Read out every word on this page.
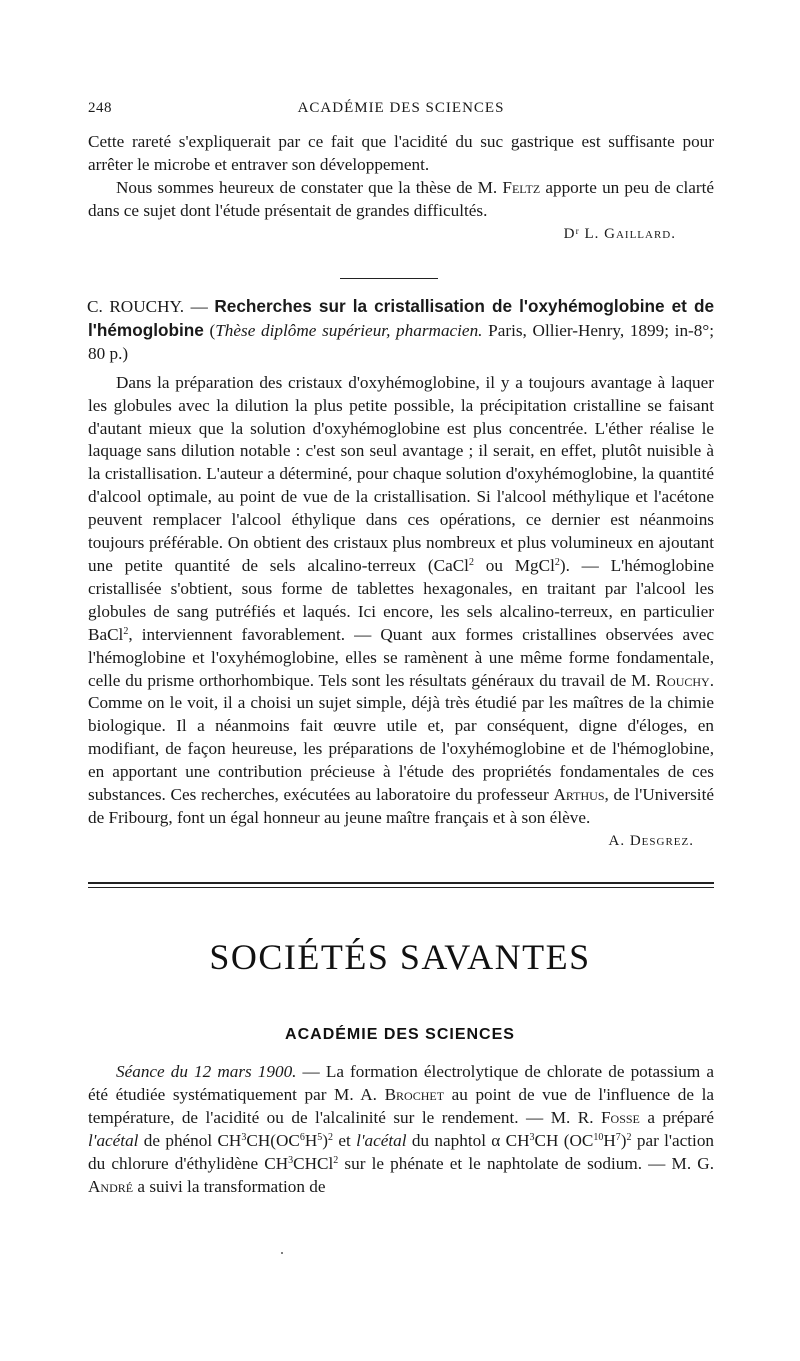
248	ACADÉMIE DES SCIENCES

Cette rareté s'expliquerait par ce fait que l'acidité du suc gastrique est suffisante pour arrêter le microbe et entraver son développement.

Nous sommes heureux de constater que la thèse de M. Feltz apporte un peu de clarté dans ce sujet dont l'étude présentait de grandes difficultés.

Dʳ L. Gaillard.

C. ROUCHY. — Recherches sur la cristallisation de l'oxyhémoglobine et de l'hémoglobine (Thèse diplôme supérieur, pharmacien. Paris, Ollier-Henry, 1899; in-8°; 80 p.)

Dans la préparation des cristaux d'oxyhémoglobine, il y a toujours avantage à laquer les globules avec la dilution la plus petite possible, la précipitation cristalline se faisant d'autant mieux que la solution d'oxyhémoglobine est plus concentrée. L'éther réalise le laquage sans dilution notable : c'est son seul avantage ; il serait, en effet, plutôt nuisible à la cristallisation. L'auteur a déterminé, pour chaque solution d'oxyhémoglobine, la quantité d'alcool optimale, au point de vue de la cristallisation. Si l'alcool méthylique et l'acétone peuvent remplacer l'alcool éthylique dans ces opérations, ce dernier est néanmoins toujours préférable. On obtient des cristaux plus nombreux et plus volumineux en ajoutant une petite quantité de sels alcalino-terreux (CaCl$^2$ ou MgCl$^2$). — L'hémoglobine cristallisée s'obtient, sous forme de tablettes hexagonales, en traitant par l'alcool les globules de sang putréfiés et laqués. Ici encore, les sels alcalino-terreux, en particulier BaCl$^2$, interviennent favorablement. — Quant aux formes cristallines observées avec l'hémoglobine et l'oxyhémoglobine, elles se ramènent à une même forme fondamentale, celle du prisme orthorhombique. Tels sont les résultats généraux du travail de M. Rouchy. Comme on le voit, il a choisi un sujet simple, déjà très étudié par les maîtres de la chimie biologique. Il a néanmoins fait œuvre utile et, par conséquent, digne d'éloges, en modifiant, de façon heureuse, les préparations de l'oxyhémoglobine et de l'hémoglobine, en apportant une contribution précieuse à l'étude des propriétés fondamentales de ces substances. Ces recherches, exécutées au laboratoire du professeur Arthus, de l'Université de Fribourg, font un égal honneur au jeune maître français et à son élève.

A. Desgrez.
SOCIÉTÉS SAVANTES
ACADÉMIE DES SCIENCES

Séance du 12 mars 1900. — La formation électrolytique de chlorate de potassium a été étudiée systématiquement par M. A. Brochet au point de vue de l'influence de la température, de l'acidité ou de l'alcalinité sur le rendement. — M. R. Fosse a préparé l'acétal de phénol $CH^3CH(OC^6H^5)^2$ et l'acétal du naphtol α $CH^3CH$ $(OC^{10}H^7)^2$ par l'action du chlorure d'éthylidène $CH^3CHCl^2$ sur le phénate et le naphtolate de sodium. — M. G. André a suivi la transformation de
